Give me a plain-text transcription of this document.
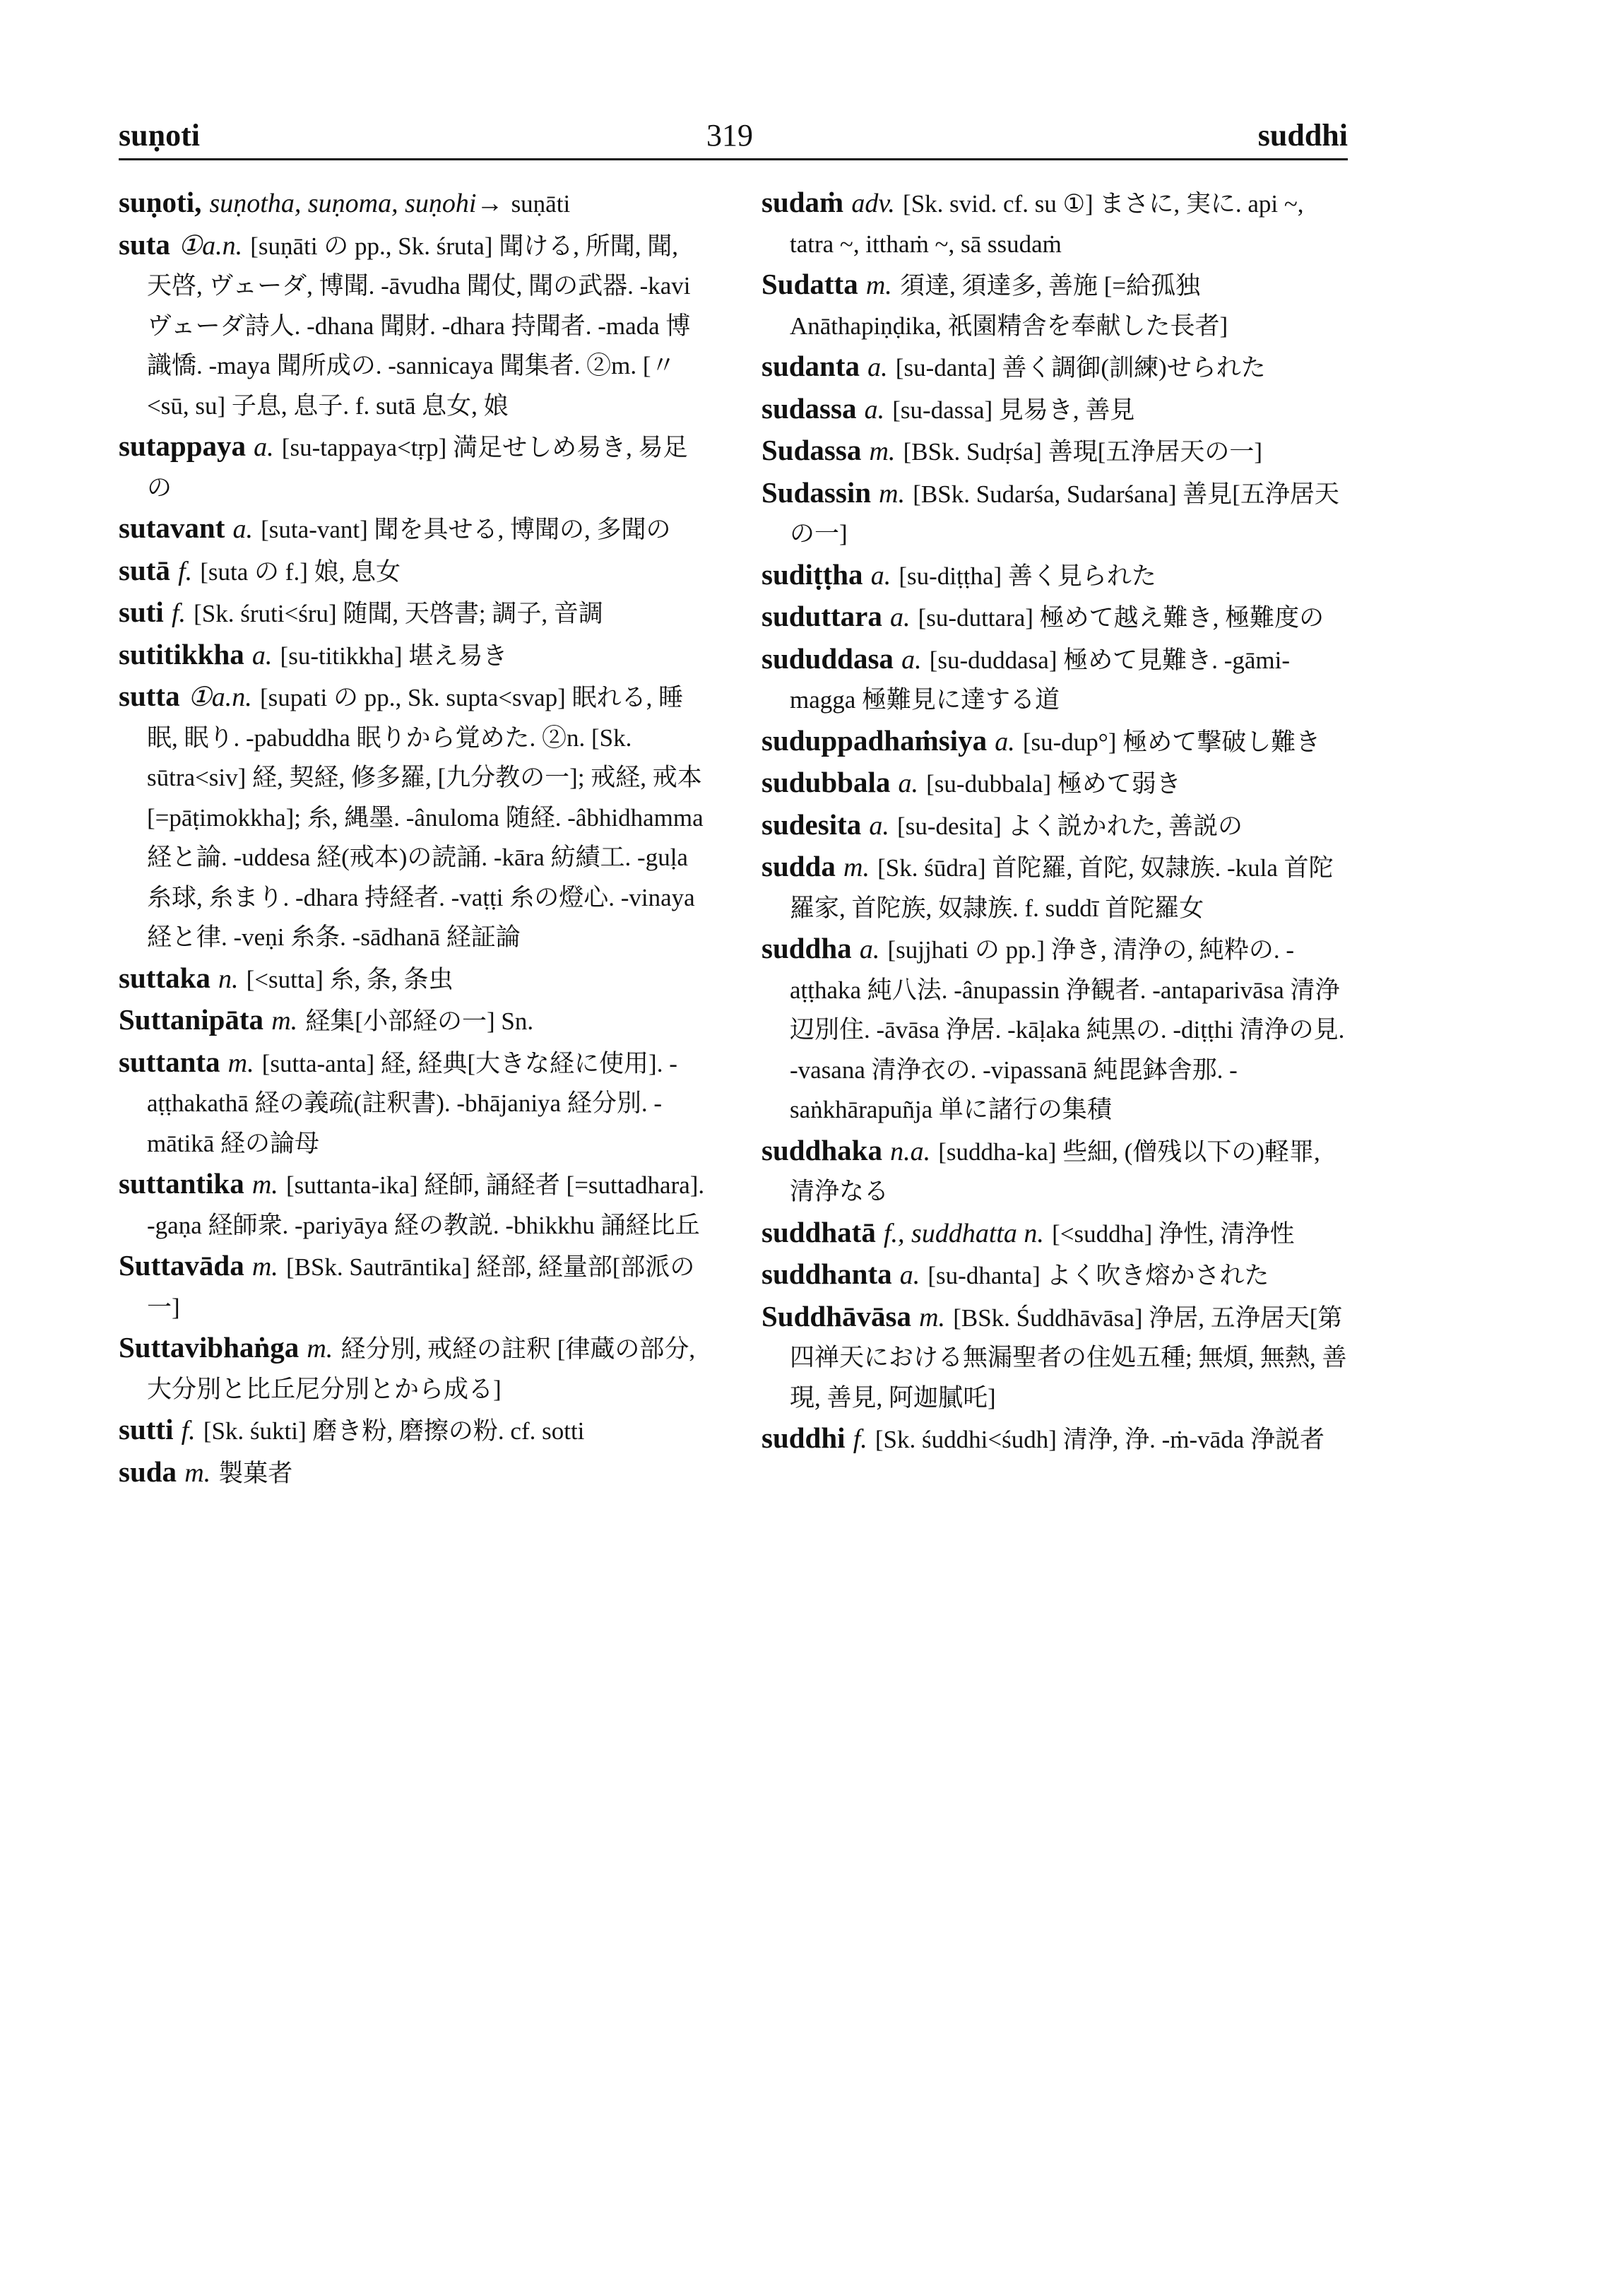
suṇoti	319	suddhi

suṇoti, suṇotha, suṇoma, suṇohi→ suṇāti

suta ①a.n. [suṇāti の pp., Sk. śruta] 聞ける, 所聞, 聞, 天啓, ヴェーダ, 博聞. -āvudha 聞仗, 聞の武器. -kavi ヴェーダ詩人. -dhana 聞財. -dhara 持聞者. -mada 博識憍. -maya 聞所成の. -sannicaya 聞集者. ②m. [〃<sū, su] 子息, 息子. f. sutā 息女, 娘

sutappaya a. [su-tappaya<tṛp] 満足せしめ易き, 易足の

sutavant a. [suta-vant] 聞を具せる, 博聞の, 多聞の

sutā f. [suta の f.] 娘, 息女

suti f. [Sk. śruti<śru] 随聞, 天啓書; 調子, 音調

sutitikkha a. [su-titikkha] 堪え易き

sutta ①a.n. [supati の pp., Sk. supta<svap] 眠れる, 睡眠, 眠り. -pabuddha 眠りから覚めた. ②n. [Sk. sūtra<siv] 経, 契経, 修多羅, [九分教の一]; 戒経, 戒本[=pāṭimokkha]; 糸, 縄墨. -ânuloma 随経. -âbhidhamma 経と論. -uddesa 経(戒本)の読誦. -kāra 紡績工. -guḷa 糸球, 糸まり. -dhara 持経者. -vaṭṭi 糸の燈心. -vinaya 経と律. -veṇi 糸条. -sādhanā 経証論

suttaka n. [<sutta] 糸, 条, 条虫

Suttanipāta m. 経集[小部経の一] Sn.

suttanta m. [sutta-anta] 経, 経典[大きな経に使用]. -aṭṭhakathā 経の義疏(註釈書). -bhājaniya 経分別. -mātikā 経の論母

suttantika m. [suttanta-ika] 経師, 誦経者 [=suttadhara]. -gaṇa 経師衆. -pariyāya 経の教説. -bhikkhu 誦経比丘

Suttavāda m. [BSk. Sautrāntika] 経部, 経量部[部派の一]

Suttavibhaṅga m. 経分別, 戒経の註釈 [律蔵の部分, 大分別と比丘尼分別とから成る]

sutti f. [Sk. śukti] 磨き粉, 磨擦の粉. cf. sotti

suda m. 製菓者

sudaṁ adv. [Sk. svid. cf. su ①] まさに, 実に. api ~, tatra ~, itthaṁ ~, sā ssudaṁ

Sudatta m. 須達, 須達多, 善施 [=給孤独 Anāthapiṇḍika, 祇園精舎を奉献した長者]

sudanta a. [su-danta] 善く調御(訓練)せられた

sudassa a. [su-dassa] 見易き, 善見

Sudassa m. [BSk. Sudṛśa] 善現[五浄居天の一]

Sudassin m. [BSk. Sudarśa, Sudarśana] 善見[五浄居天の一]

sudiṭṭha a. [su-diṭṭha] 善く見られた

suduttara a. [su-duttara] 極めて越え難き, 極難度の

sududdasa a. [su-duddasa] 極めて見難き. -gāmi-magga 極難見に達する道

suduppadhaṁsiya a. [su-dup°] 極めて撃破し難き

sudubbala a. [su-dubbala] 極めて弱き

sudesita a. [su-desita] よく説かれた, 善説の

sudda m. [Sk. śūdra] 首陀羅, 首陀, 奴隷族. -kula 首陀羅家, 首陀族, 奴隷族. f. suddī 首陀羅女

suddha a. [sujjhati の pp.] 浄き, 清浄の, 純粋の. -aṭṭhaka 純八法. -ânupassin 浄観者. -antaparivāsa 清浄辺別住. -āvāsa 浄居. -kāḷaka 純黒の. -diṭṭhi 清浄の見. -vasana 清浄衣の. -vipassanā 純毘鉢舎那. -saṅkhārapuñja 単に諸行の集積

suddhaka n.a. [suddha-ka] 些細, (僧残以下の)軽罪, 清浄なる

suddhatā f., suddhatta n. [<suddha] 浄性, 清浄性

suddhanta a. [su-dhanta] よく吹き熔かされた

Suddhāvāsa m. [BSk. Śuddhāvāsa] 浄居, 五浄居天[第四禅天における無漏聖者の住処五種; 無煩, 無熱, 善現, 善見, 阿迦膩吒]

suddhi f. [Sk. śuddhi<śudh] 清浄, 浄. -ṁ-vāda 浄説者
